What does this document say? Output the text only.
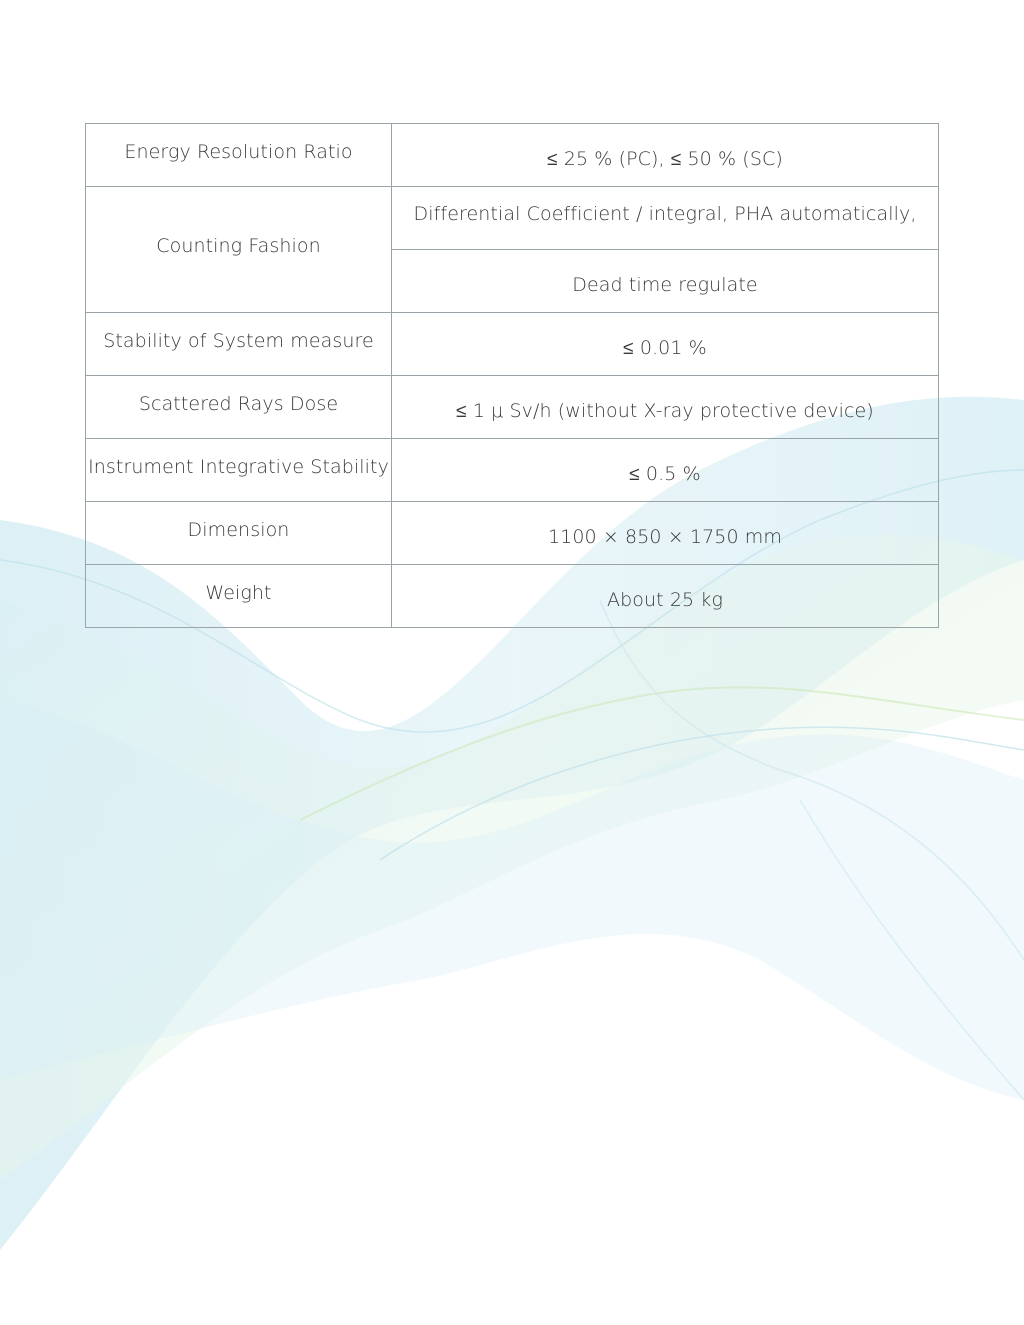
Energy Resolution Ratio	≤ 25 % (PC), ≤ 50 % (SC)
Counting Fashion	Differential Coefficient / integral, PHA automatically,
	Dead time regulate
Stability of System measure	≤ 0.01 %
Scattered Rays Dose	≤ 1 μ Sv/h (without X-ray protective device)
Instrument Integrative Stability	≤ 0.5 %
Dimension	1100 × 850 × 1750 mm
Weight	About 25 kg
